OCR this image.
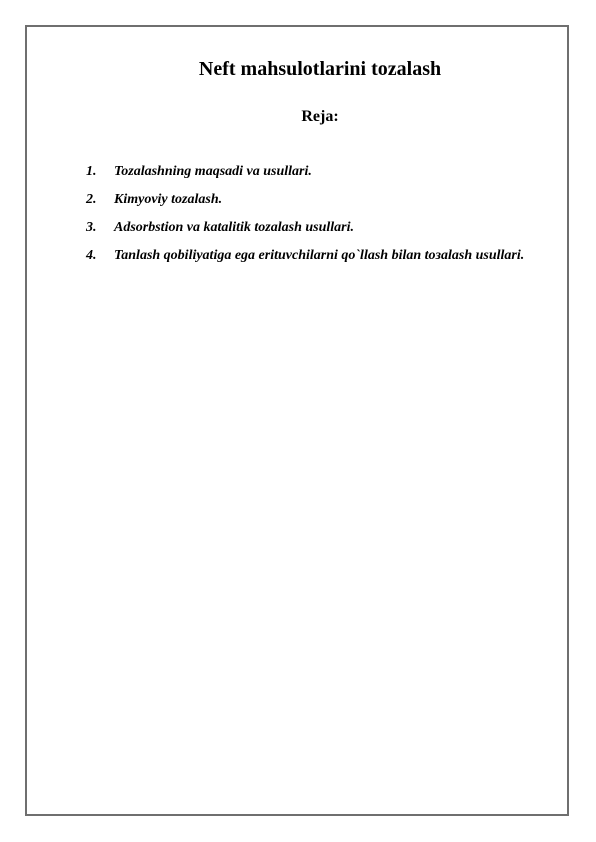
Neft mahsulotlarini tozalash
Reja:
1.	Tozalashning maqsadi va usullari.
2.	Kimyoviy tozalash.
3.	Adsorbstion va katalitik tozalash usullari.
4.	Tanlash qobiliyatiga ega erituvchilarni qo`llash bilan toзalash usullari.
